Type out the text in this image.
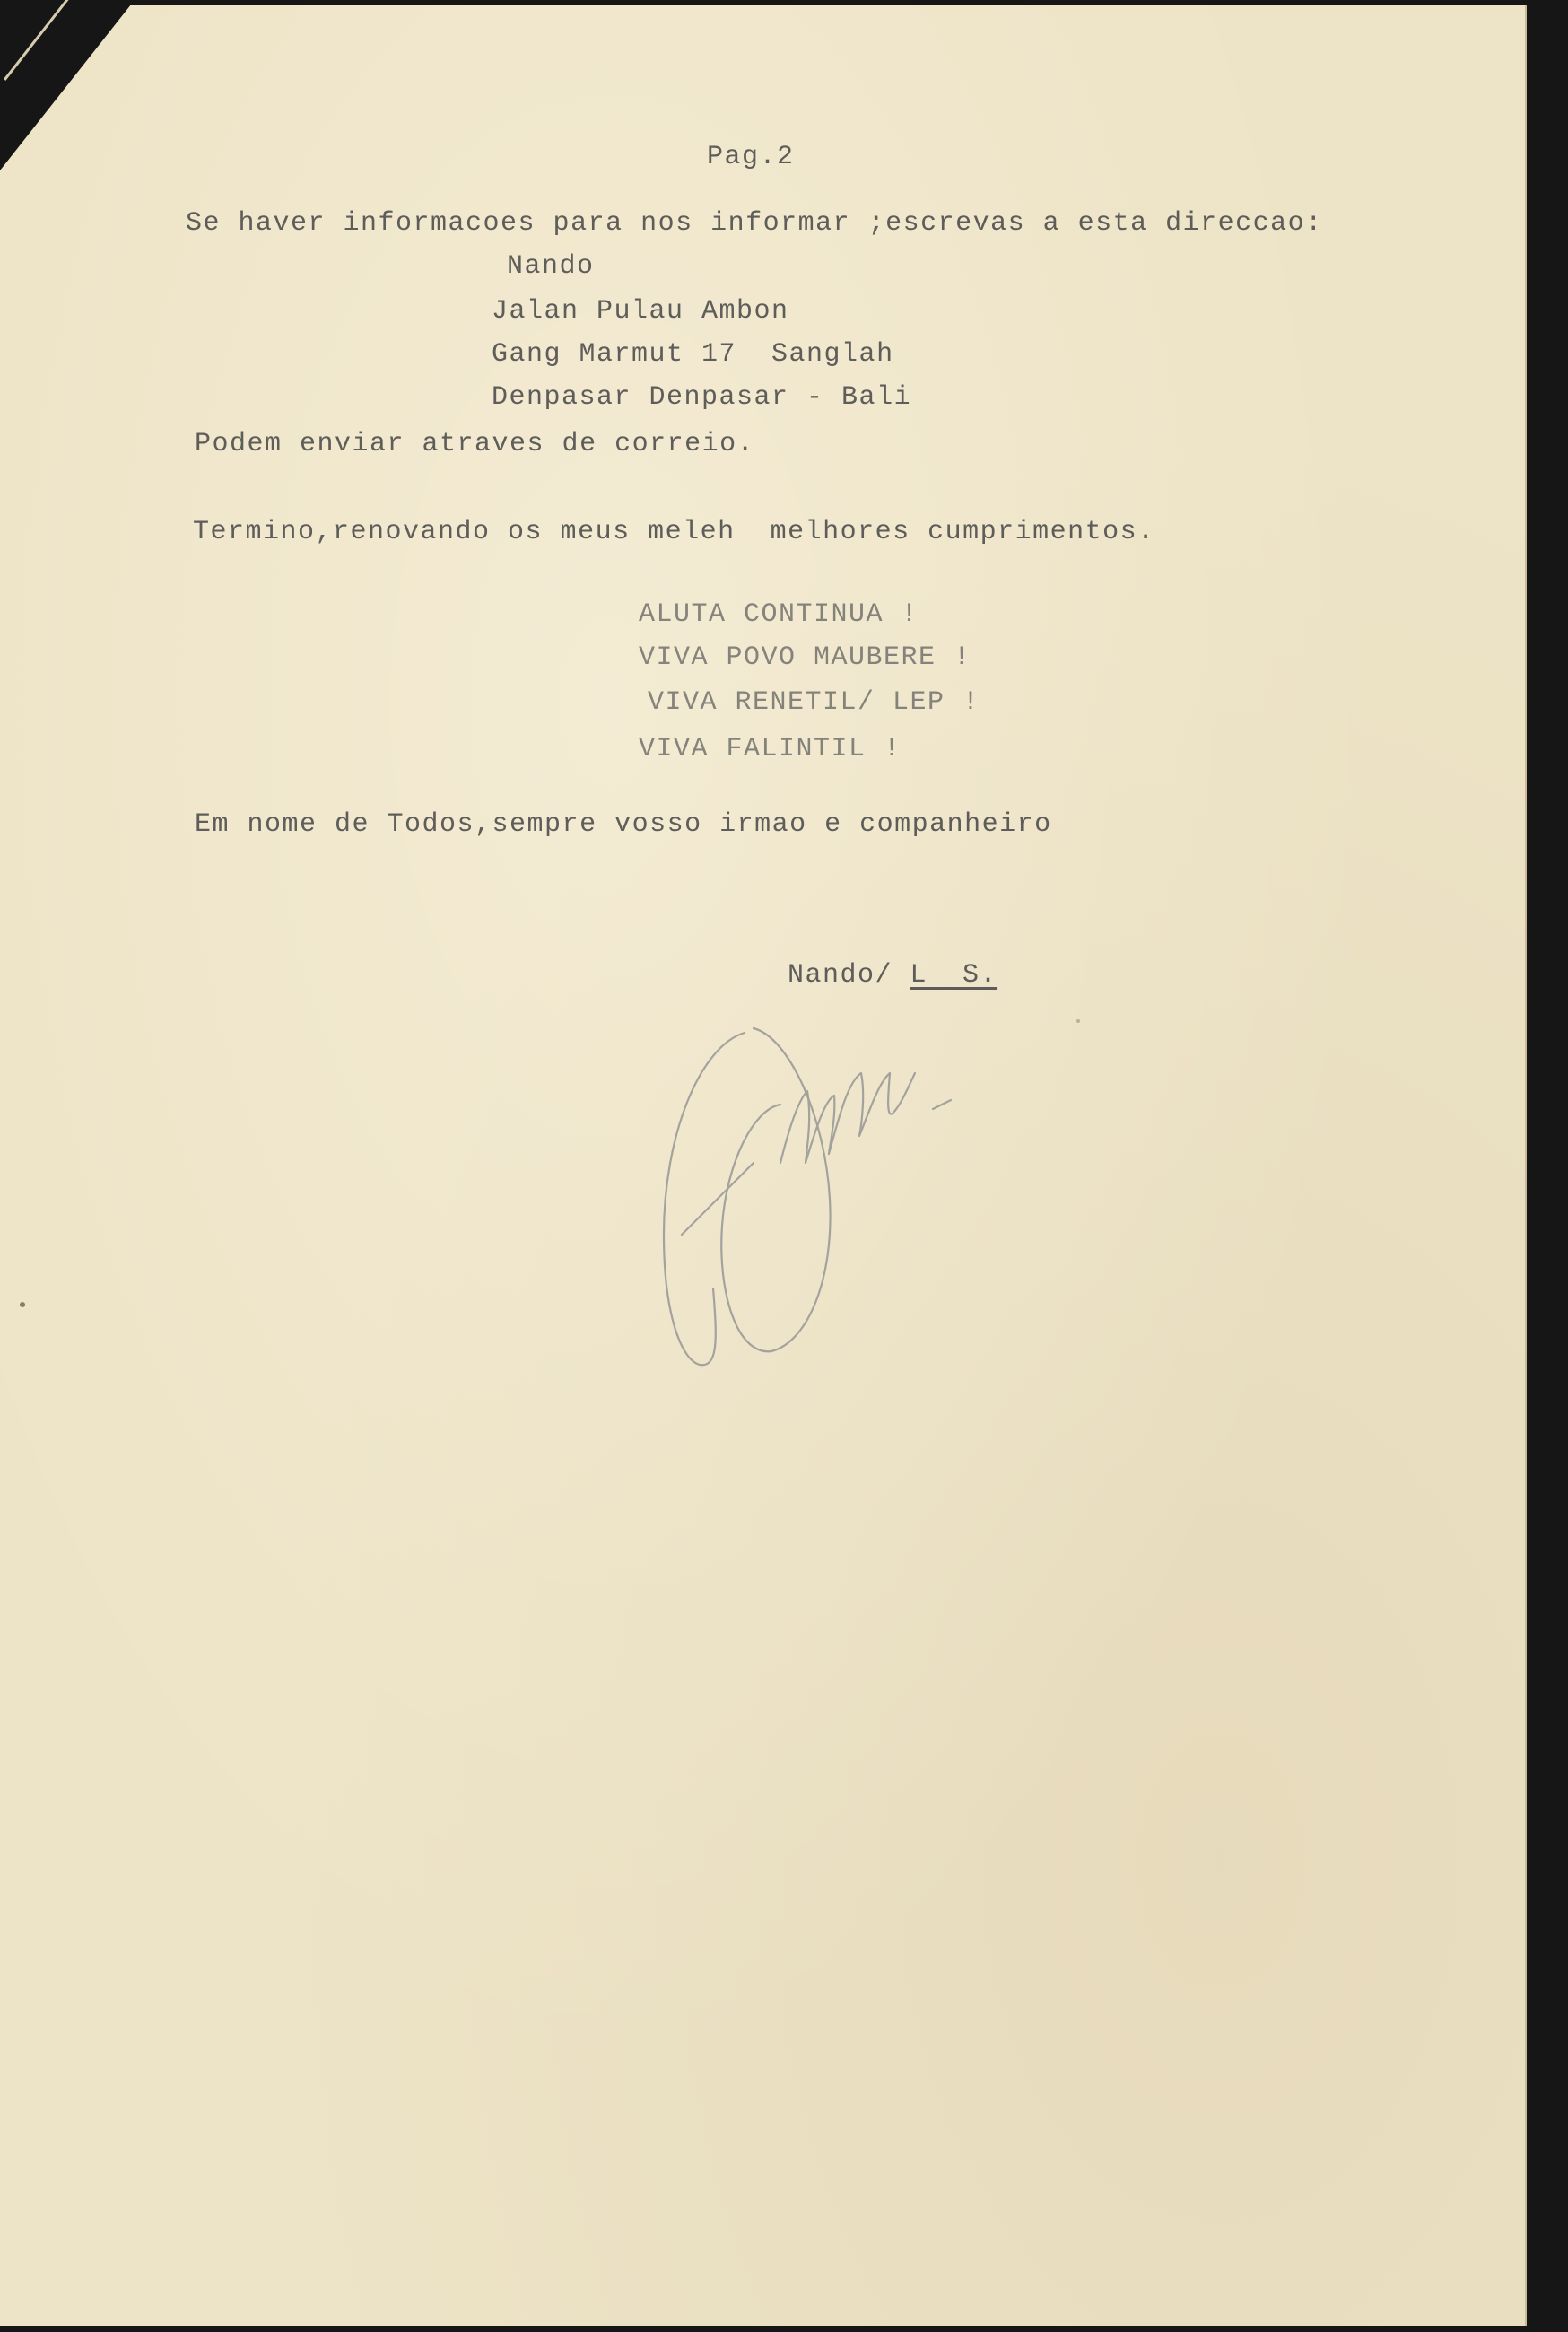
Pag.2
Se haver informacoes para nos informar ;escrevas a esta direccao:
Nando
Jalan Pulau Ambon
Gang Marmut 17  Sanglah
Denpasar Denpasar - Bali
Podem enviar atraves de correio.
Termino,renovando os meus meleh  melhores cumprimentos.
ALUTA CONTINUA !
VIVA POVO MAUBERE !
VIVA RENETIL/ LEP !
VIVA FALINTIL !
Em nome de Todos,sempre vosso irmao e companheiro
Nando/ L  S.
